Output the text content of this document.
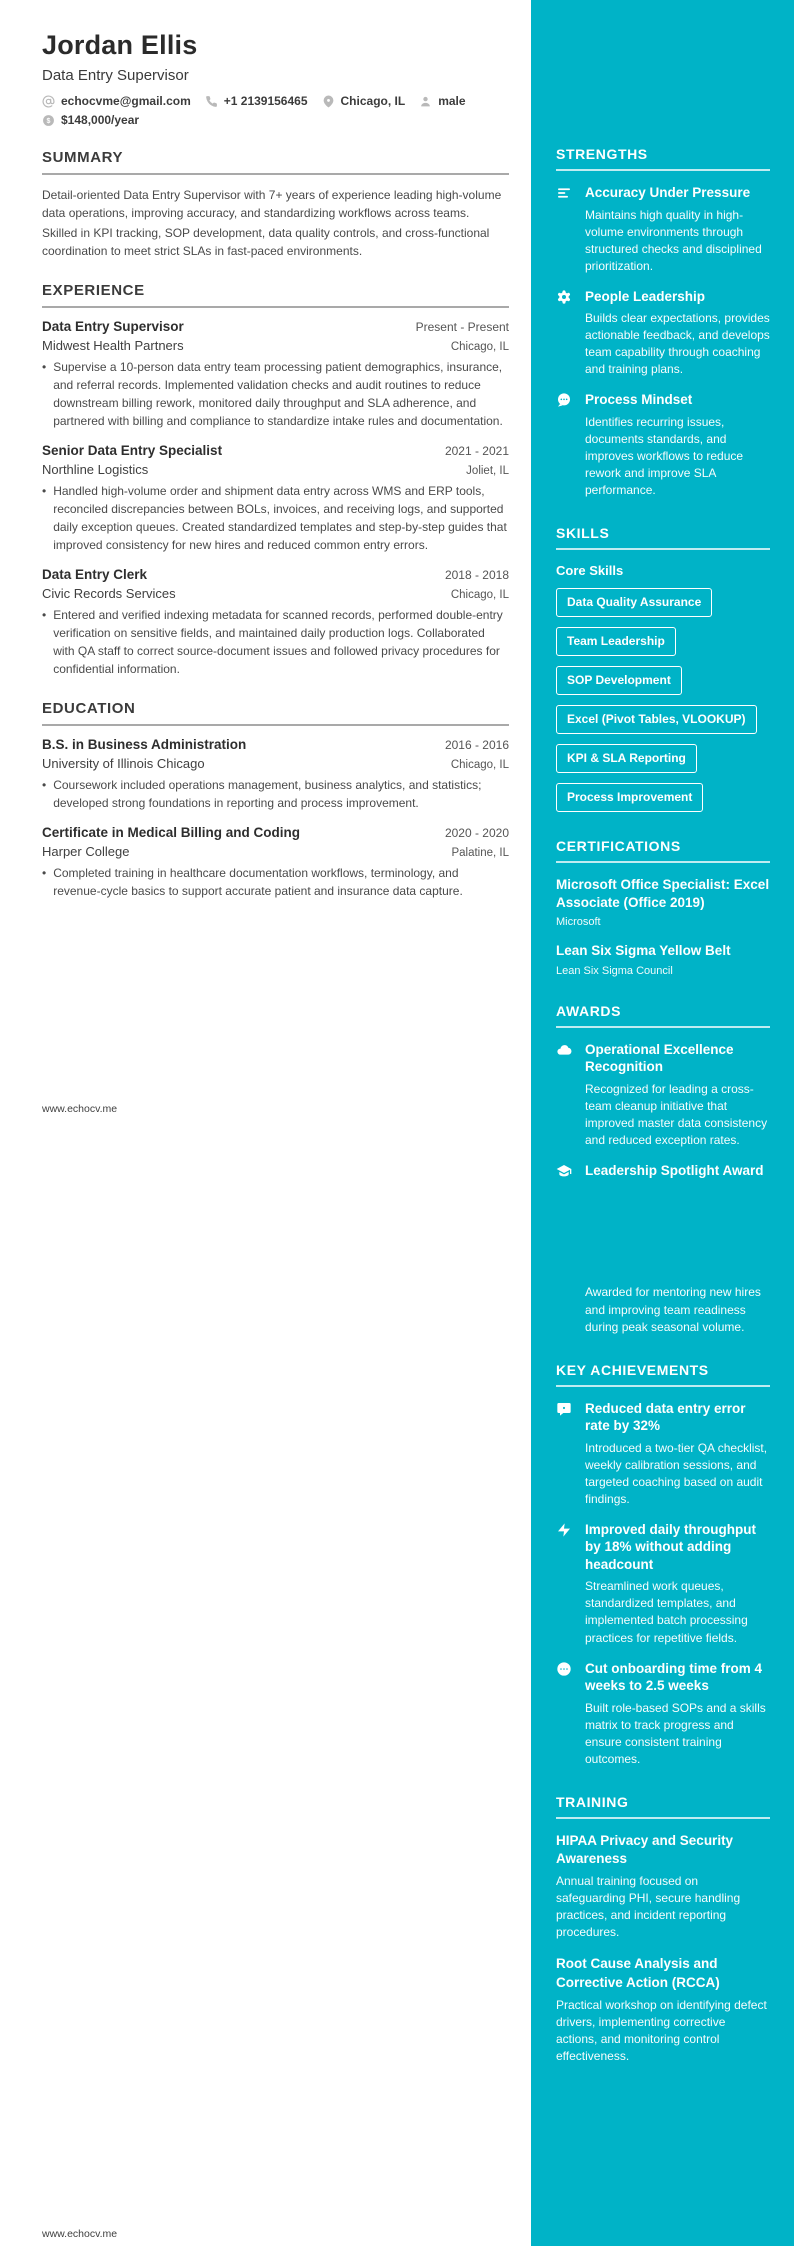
Jordan Ellis
Data Entry Supervisor
echocvme@gmail.com	+1 2139156465	Chicago, IL	male
$ $148,000/year
SUMMARY

Detail-oriented Data Entry Supervisor with 7+ years of experience leading high-volume data operations, improving accuracy, and standardizing workflows across teams.

Skilled in KPI tracking, SOP development, data quality controls, and cross-functional coordination to meet strict SLAs in fast-paced environments.

EXPERIENCE
Data Entry Supervisor	Present - Present
Midwest Health Partners	Chicago, IL
• Supervise a 10-person data entry team processing patient demographics, insurance, and referral records. Implemented validation checks and audit routines to reduce downstream billing rework, monitored daily throughput and SLA adherence, and partnered with billing and compliance to standardize intake rules and documentation.
Senior Data Entry Specialist	2021 - 2021
Northline Logistics	Joliet, IL
• Handled high-volume order and shipment data entry across WMS and ERP tools, reconciled discrepancies between BOLs, invoices, and receiving logs, and supported daily exception queues. Created standardized templates and step-by-step guides that improved consistency for new hires and reduced common entry errors.
Data Entry Clerk	2018 - 2018
Civic Records Services	Chicago, IL
• Entered and verified indexing metadata for scanned records, performed double-entry verification on sensitive fields, and maintained daily production logs. Collaborated with QA staff to correct source-document issues and followed privacy procedures for confidential information.
EDUCATION
B.S. in Business Administration	2016 - 2016
University of Illinois Chicago	Chicago, IL
• Coursework included operations management, business analytics, and statistics; developed strong foundations in reporting and process improvement.
Certificate in Medical Billing and Coding	2020 - 2020
Harper College	Palatine, IL
• Completed training in healthcare documentation workflows, terminology, and revenue-cycle basics to support accurate patient and insurance data capture.
www.echocv.me
www.echocv.me
STRENGTHS
Accuracy Under Pressure
Maintains high quality in high-volume environments through structured checks and disciplined prioritization.
People Leadership
Builds clear expectations, provides actionable feedback, and develops team capability through coaching and training plans.
Process Mindset
Identifies recurring issues, documents standards, and improves workflows to reduce rework and improve SLA performance.
SKILLS
Core Skills
Data Quality Assurance
Team Leadership
SOP Development
Excel (Pivot Tables, VLOOKUP)
KPI & SLA Reporting
Process Improvement
CERTIFICATIONS
Microsoft Office Specialist: Excel Associate (Office 2019)
Microsoft
Lean Six Sigma Yellow Belt
Lean Six Sigma Council
AWARDS
Operational Excellence Recognition
Recognized for leading a cross-team cleanup initiative that improved master data consistency and reduced exception rates.
Leadership Spotlight Award
Awarded for mentoring new hires and improving team readiness during peak seasonal volume.
KEY ACHIEVEMENTS
Reduced data entry error rate by 32%
Introduced a two-tier QA checklist, weekly calibration sessions, and targeted coaching based on audit findings.
Improved daily throughput by 18% without adding headcount
Streamlined work queues, standardized templates, and implemented batch processing practices for repetitive fields.
Cut onboarding time from 4 weeks to 2.5 weeks
Built role-based SOPs and a skills matrix to track progress and ensure consistent training outcomes.
TRAINING
HIPAA Privacy and Security Awareness
Annual training focused on safeguarding PHI, secure handling practices, and incident reporting procedures.
Root Cause Analysis and Corrective Action (RCCA)
Practical workshop on identifying defect drivers, implementing corrective actions, and monitoring control effectiveness.
